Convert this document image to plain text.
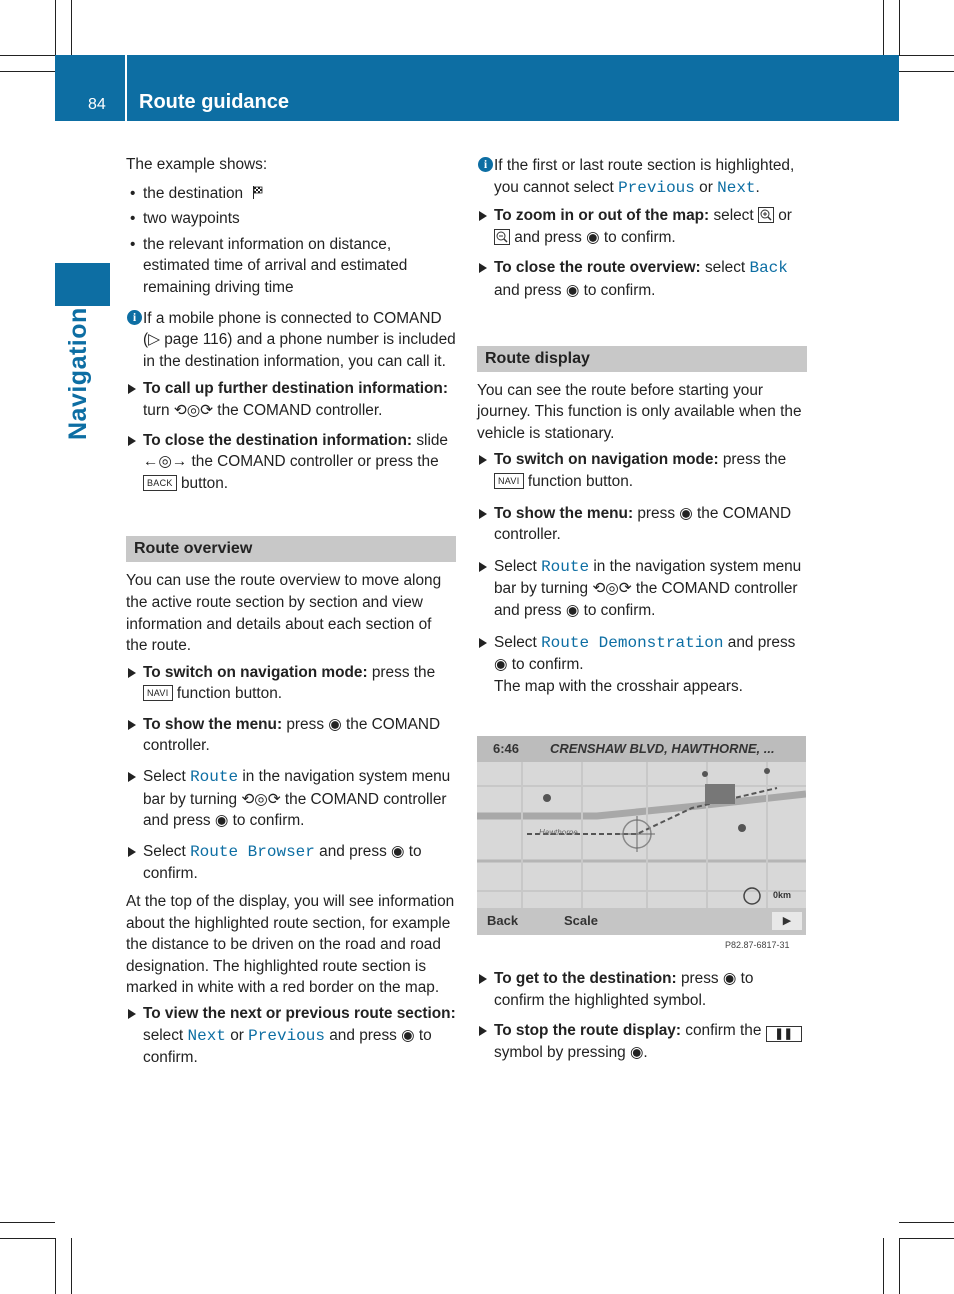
84 Route guidance
Navigation

The example shows:

• the destination

• two waypoints

• the relevant information on distance, estimated time of arrival and estimated remaining driving time

i If a mobile phone is connected to COMAND (▷ page 116) and a phone number is included in the destination information, you can call it.

To call up further destination information: turn ⟲◎⟳ the COMAND controller.

To close the destination information: slide ←◎→ the COMAND controller or press the BACK button.

Route overview

You can use the route overview to move along the active route section by section and view information and details about each section of the route.

To switch on navigation mode: press the NAVI function button.

To show the menu: press ◉ the COMAND controller.

Select Route in the navigation system menu bar by turning ⟲◎⟳ the COMAND controller and press ◉ to confirm.

Select Route Browser and press ◉ to confirm.

At the top of the display, you will see information about the highlighted route section, for example the distance to be driven on the road and road designation. The highlighted route section is marked in white with a red border on the map.

To view the next or previous route section: select Next or Previous and press ◉ to confirm.

i If the first or last route section is highlighted, you cannot select Previous or Next.

To zoom in or out of the map: select or  and press ◉ to confirm.

To close the route overview: select Back and press ◉ to confirm.

Route display

You can see the route before starting your journey. This function is only available when the vehicle is stationary.

To switch on navigation mode: press the NAVI function button.

To show the menu: press ◉ the COMAND controller.

Select Route in the navigation system menu bar by turning ⟲◎⟳ the COMAND controller and press ◉ to confirm.

Select Route Demonstration and press ◉ to confirm.

The map with the crosshair appears.

6:46 CRENSHAW BLVD, HAWTHORNE, ...
Hawthorne
0km
Back	Scale	▶
P82.87-6817-31

To get to the destination: press ◉ to confirm the highlighted symbol.

To stop the route display: confirm the ❚❚ symbol by pressing ◉.
